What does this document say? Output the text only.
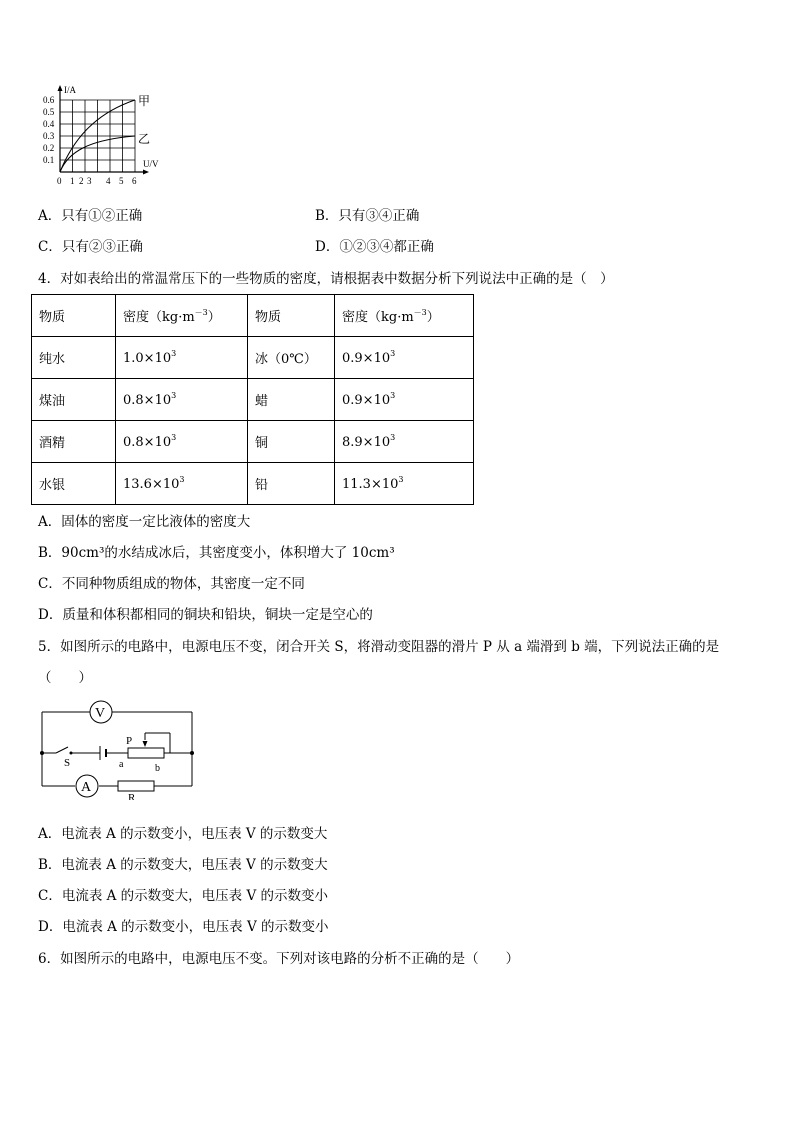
I/A
U/V
0.6
0.5
0.4
0.3
0.2
0.1
0 1 2 3 4 5 6
甲
乙
A．只有①②正确	B．只有③④正确
C．只有②③正确	D．①②③④都正确
4．对如表给出的常温常压下的一些物质的密度，请根据表中数据分析下列说法中正确的是（　）
物质	密度$(kg\cdot m^{-3})$	物质	密度$(kg\cdot m^{-3})$
纯水	$1.0\times 10^3$	冰（0℃）	$0.9\times 10^3$
煤油	$0.8\times 10^3$	蜡	$0.9\times 10^3$
酒精	$0.8\times 10^3$	铜	$8.9\times 10^3$
水银	$13.6\times 10^3$	铅	$11.3\times 10^3$
A．固体的密度一定比液体的密度大
B．90cm³的水结成冰后，其密度变小，体积增大了 10cm³
C．不同种物质组成的物体，其密度一定不同
D．质量和体积都相同的铜块和铅块，铜块一定是空心的
5．如图所示的电路中，电源电压不变，闭合开关 S，将滑动变阻器的滑片 P 从 a 端滑到 b 端，下列说法正确的是
（　　）
V
A
S
P
a	b
R
A．电流表 A 的示数变小，电压表 V 的示数变大
B．电流表 A 的示数变大，电压表 V 的示数变大
C．电流表 A 的示数变大，电压表 V 的示数变小
D．电流表 A 的示数变小，电压表 V 的示数变小
6．如图所示的电路中，电源电压不变。下列对该电路的分析不正确的是（　　）
